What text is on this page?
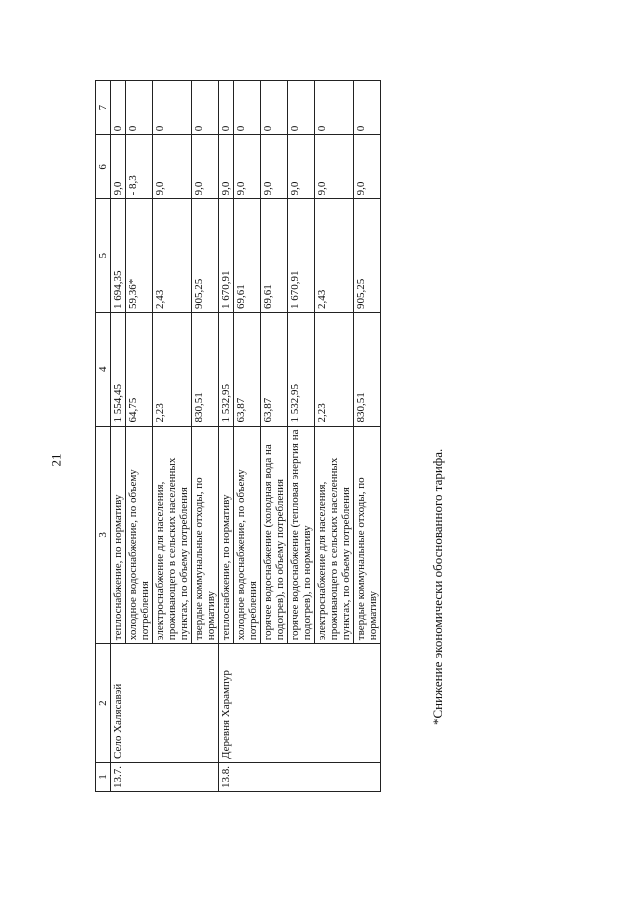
21
1	2	3	4	5	6	7
13.7.	Село Халясавэй	теплоснабжение, по нормативу	1 554,45	1 694,35	9,0	0
		холодное водоснабжение, по объему потребления	64,75	59,36*	- 8,3	0
		электроснабжение для населения, проживающего в сельских населенных пунктах, по объему потребления	2,23	2,43	9,0	0
		твердые коммунальные отходы, по нормативу	830,51	905,25	9,0	0
13.8.	Деревня Харампур	теплоснабжение, по нормативу	1 532,95	1 670,91	9,0	0
		холодное водоснабжение, по объему потребления	63,87	69,61	9,0	0
		горячее водоснабжение (холодная вода на подогрев), по объему потребления	63,87	69,61	9,0	0
		горячее водоснабжение (тепловая энергия на подогрев), по нормативу	1 532,95	1 670,91	9,0	0
		электроснабжение для населения, проживающего в сельских населенных пунктах, по объему потребления	2,23	2,43	9,0	0
		твердые коммунальные отходы, по нормативу	830,51	905,25	9,0	0
*Снижение экономически обоснованного тарифа.
